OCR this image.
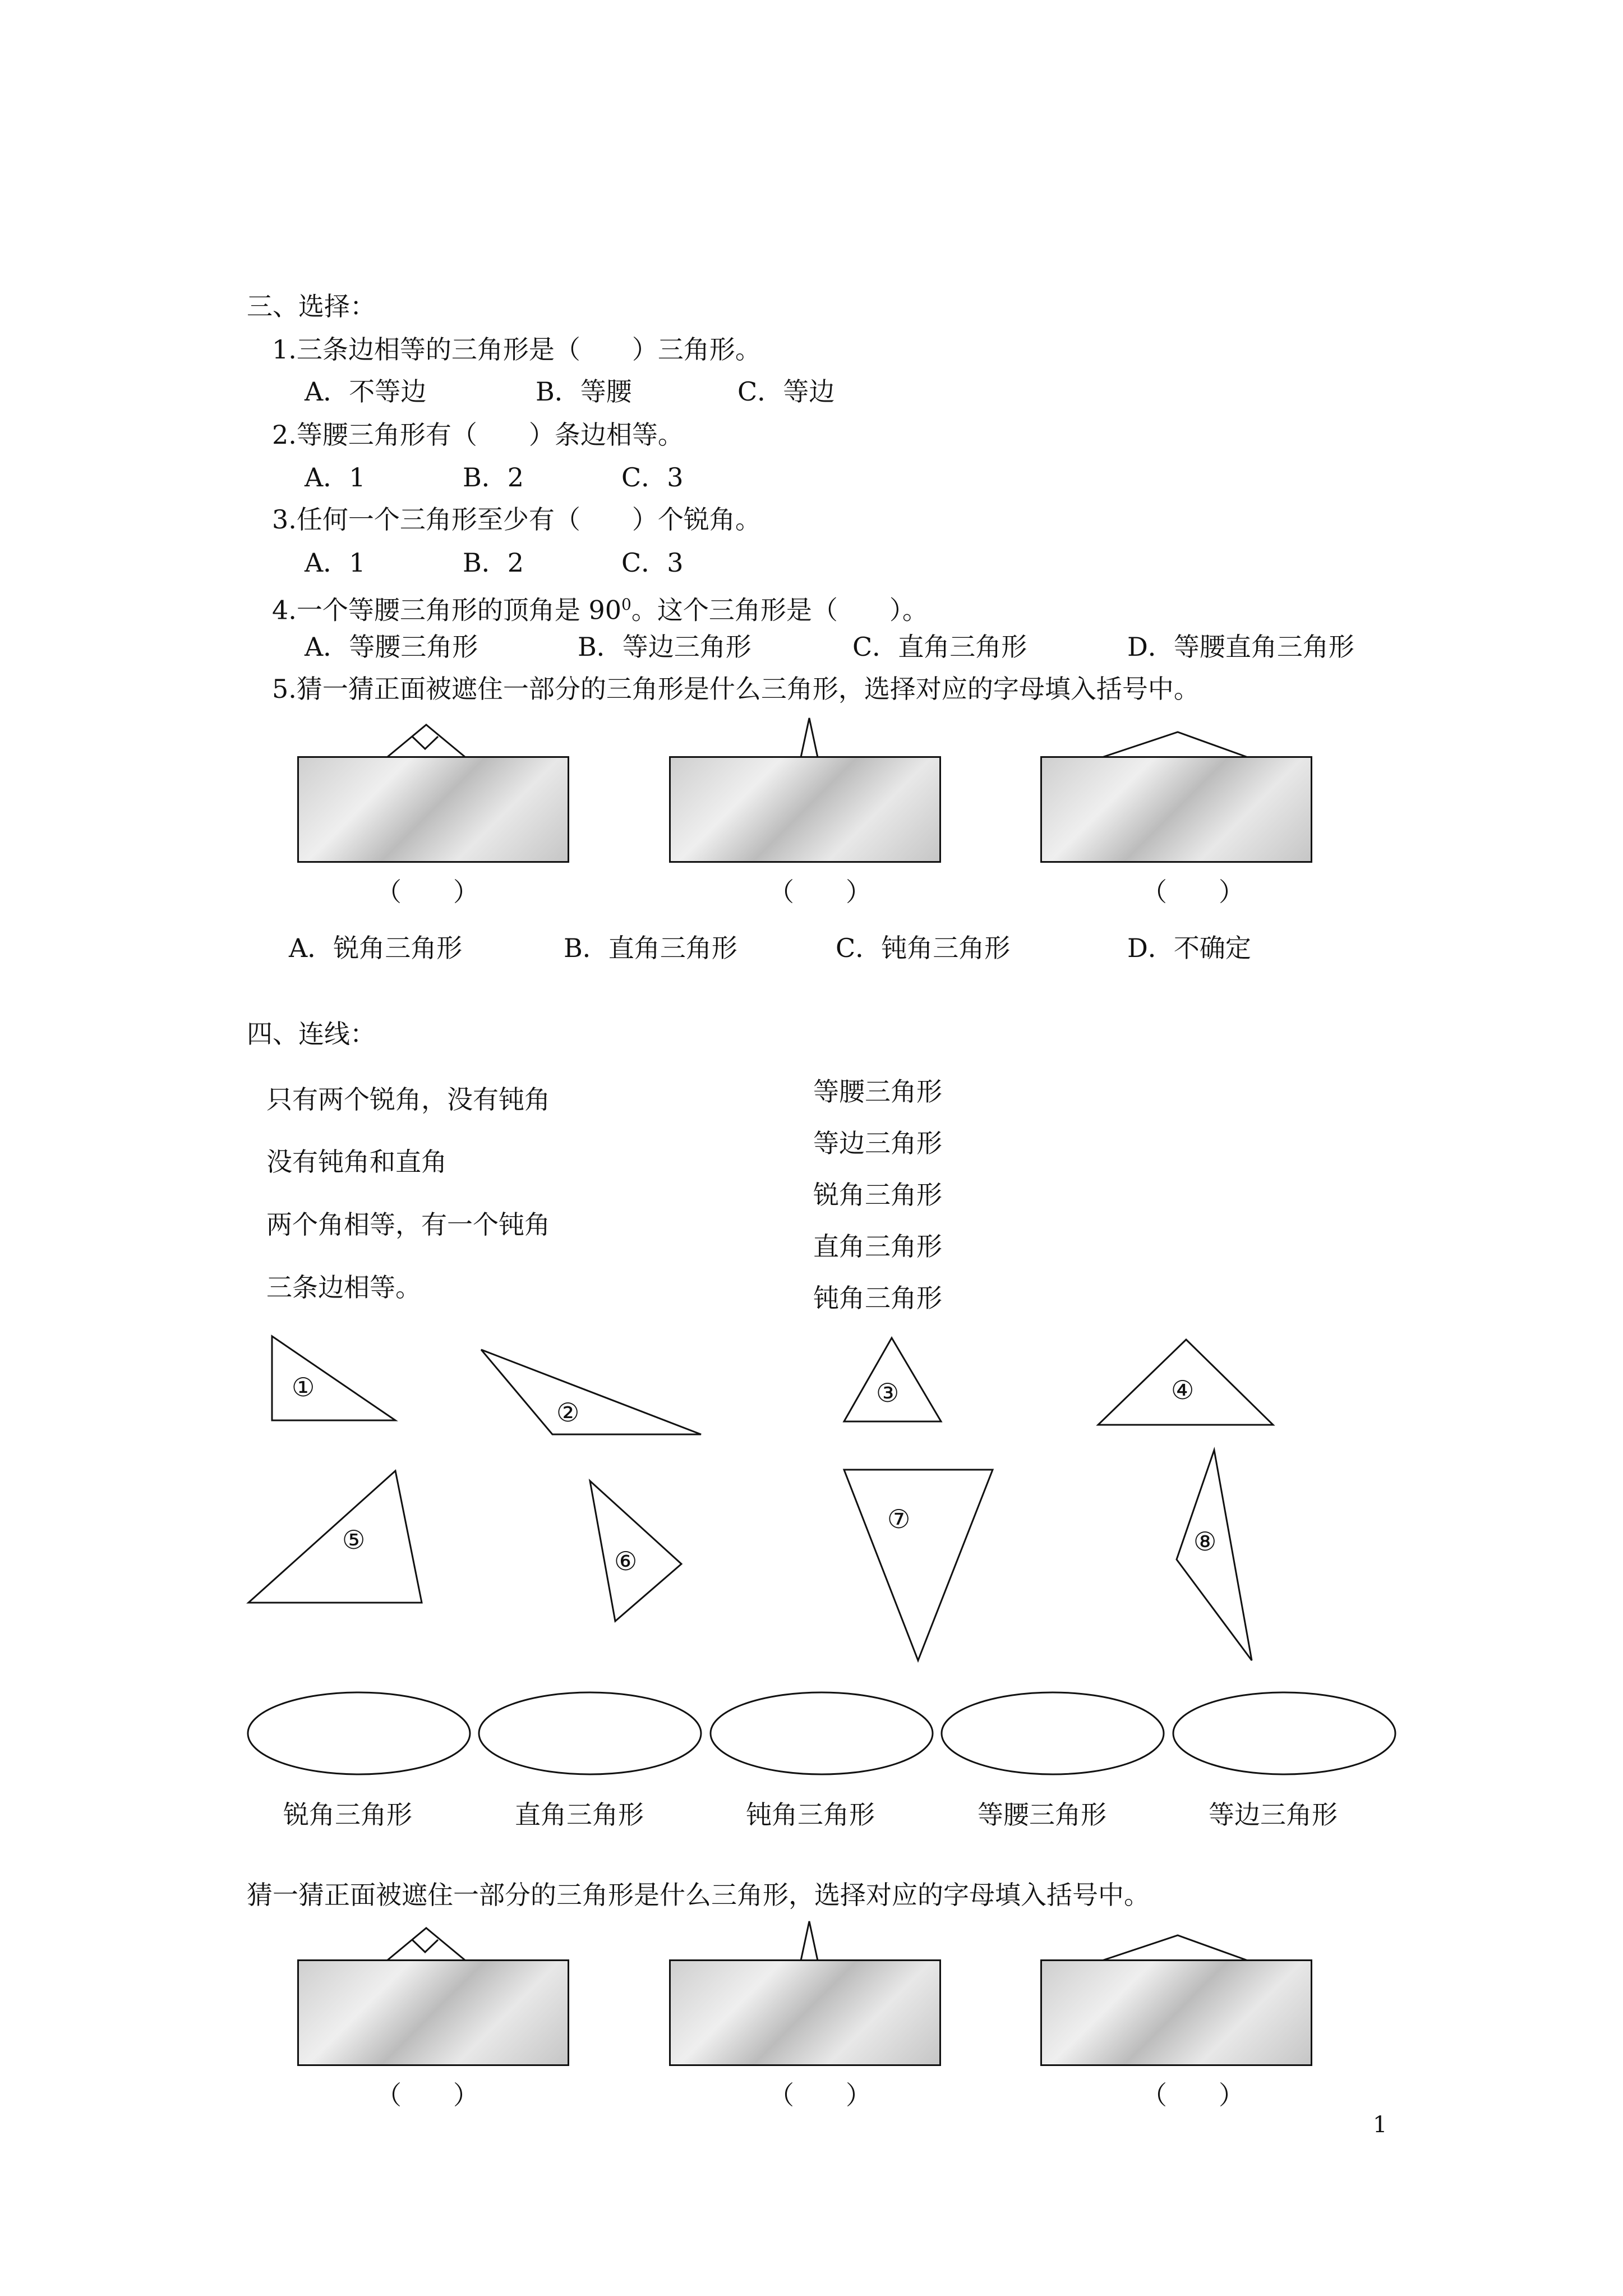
三、选择：
1.三条边相等的三角形是（　　）三角形。
A．不等边	B．等腰	C．等边
2.等腰三角形有（　　）条边相等。
A．1	B．2	C．3
3.任何一个三角形至少有（　　）个锐角。
A．1	B．2	C．3
4.一个等腰三角形的顶角是 $90^0$。这个三角形是（　　）。
A．等腰三角形	B．等边三角形	C．直角三角形	D．等腰直角三角形
5.猜一猜正面被遮住一部分的三角形是什么三角形，选择对应的字母填入括号中。
（　　）	（　　）	（　　）
A．锐角三角形	B．直角三角形	C．钝角三角形	D．不确定
四、连线：
只有两个锐角，没有钝角
没有钝角和直角
两个角相等，有一个钝角
三条边相等。
等腰三角形
等边三角形
锐角三角形
直角三角形
钝角三角形
①
②
③	④
⑤
⑥
⑦
⑧
锐角三角形	直角三角形	钝角三角形	等腰三角形	等边三角形
猜一猜正面被遮住一部分的三角形是什么三角形，选择对应的字母填入括号中。
（　　）	（　　）	（　　）
1
